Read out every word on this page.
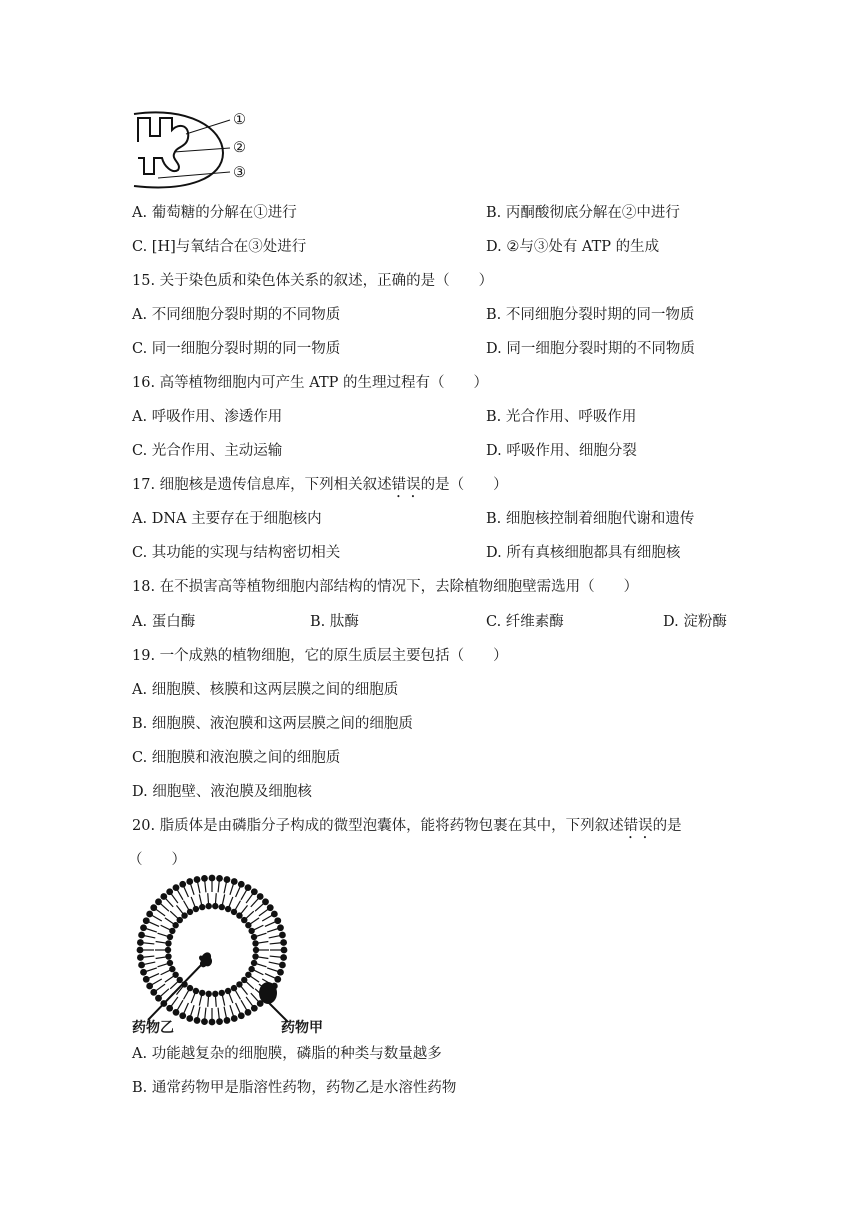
①
②
③
A. 葡萄糖的分解在①进行	B. 丙酮酸彻底分解在②中进行
C. [H]与氧结合在③处进行	D. ②与③处有 ATP 的生成
15. 关于染色质和染色体关系的叙述，正确的是（　　）
A. 不同细胞分裂时期的不同物质	B. 不同细胞分裂时期的同一物质
C. 同一细胞分裂时期的同一物质	D. 同一细胞分裂时期的不同物质
16. 高等植物细胞内可产生 ATP 的生理过程有（　　）
A. 呼吸作用、渗透作用	B. 光合作用、呼吸作用
C. 光合作用、主动运输	D. 呼吸作用、细胞分裂
17. 细胞核是遗传信息库，下列相关叙述错误的是（　　）
A. DNA 主要存在于细胞核内	B. 细胞核控制着细胞代谢和遗传
C. 其功能的实现与结构密切相关	D. 所有真核细胞都具有细胞核
18. 在不损害高等植物细胞内部结构的情况下，去除植物细胞壁需选用（　　）
A. 蛋白酶	B. 肽酶	C. 纤维素酶	D. 淀粉酶
19. 一个成熟的植物细胞，它的原生质层主要包括（　　）
A. 细胞膜、核膜和这两层膜之间的细胞质
B. 细胞膜、液泡膜和这两层膜之间的细胞质
C. 细胞膜和液泡膜之间的细胞质
D. 细胞壁、液泡膜及细胞核
20. 脂质体是由磷脂分子构成的微型泡囊体，能将药物包裹在其中，下列叙述错误的是
（　　）
药物乙	药物甲
A. 功能越复杂的细胞膜，磷脂的种类与数量越多
B. 通常药物甲是脂溶性药物，药物乙是水溶性药物
